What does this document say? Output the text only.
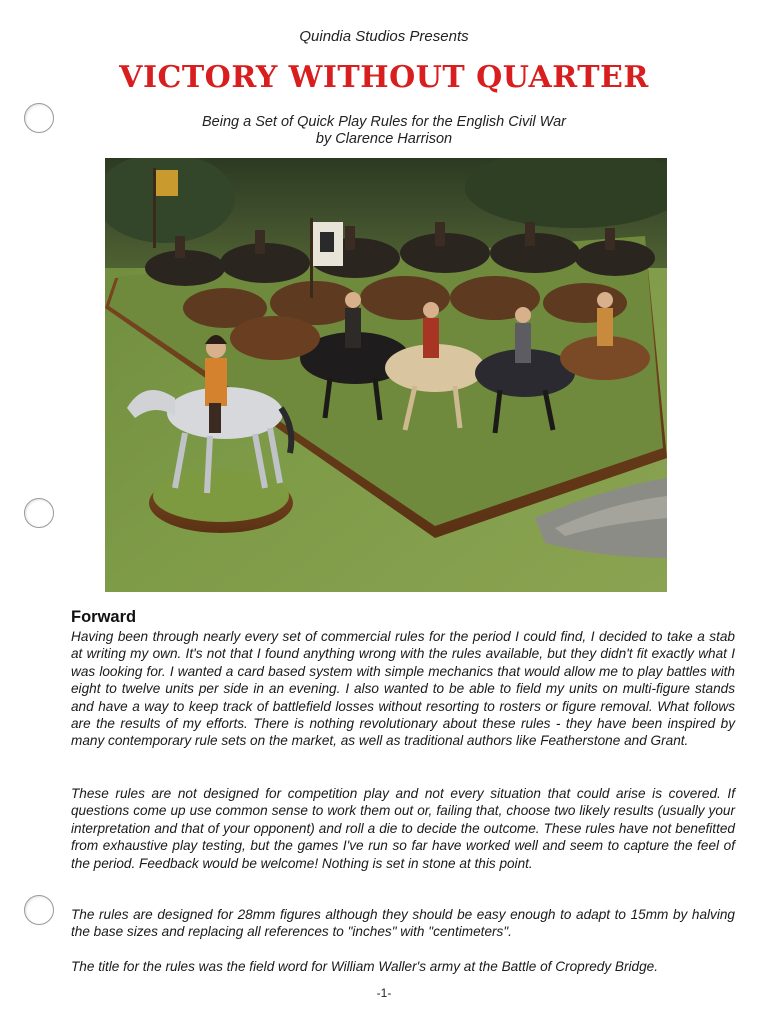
Quindia Studios Presents
VICTORY WITHOUT QUARTER
Being a Set of Quick Play Rules for the English Civil War
by Clarence Harrison
Forward

Having been through nearly every set of commercial rules for the period I could find, I decided to take a stab at writing my own. It's not that I found anything wrong with the rules available, but they didn't fit exactly what I was looking for. I wanted a card based system with simple mechanics that would allow me to play battles with eight to twelve units per side in an evening. I also wanted to be able to field my units on multi-figure stands and have a way to keep track of battlefield losses without resorting to rosters or figure removal. What follows are the results of my efforts. There is nothing revolutionary about these rules - they have been inspired by many contemporary rule sets on the market, as well as traditional authors like Featherstone and Grant.

These rules are not designed for competition play and not every situation that could arise is covered. If questions come up use common sense to work them out or, failing that, choose two likely results (usually your interpretation and that of your opponent) and roll a die to decide the outcome. These rules have not benefitted from exhaustive play testing, but the games I've run so far have worked well and seem to capture the feel of the period. Feedback would be welcome! Nothing is set in stone at this point.

The rules are designed for 28mm figures although they should be easy enough to adapt to 15mm by halving the base sizes and replacing all references to "inches" with "centimeters".

The title for the rules was the field word for William Waller's army at the Battle of Cropredy Bridge.

-1-
